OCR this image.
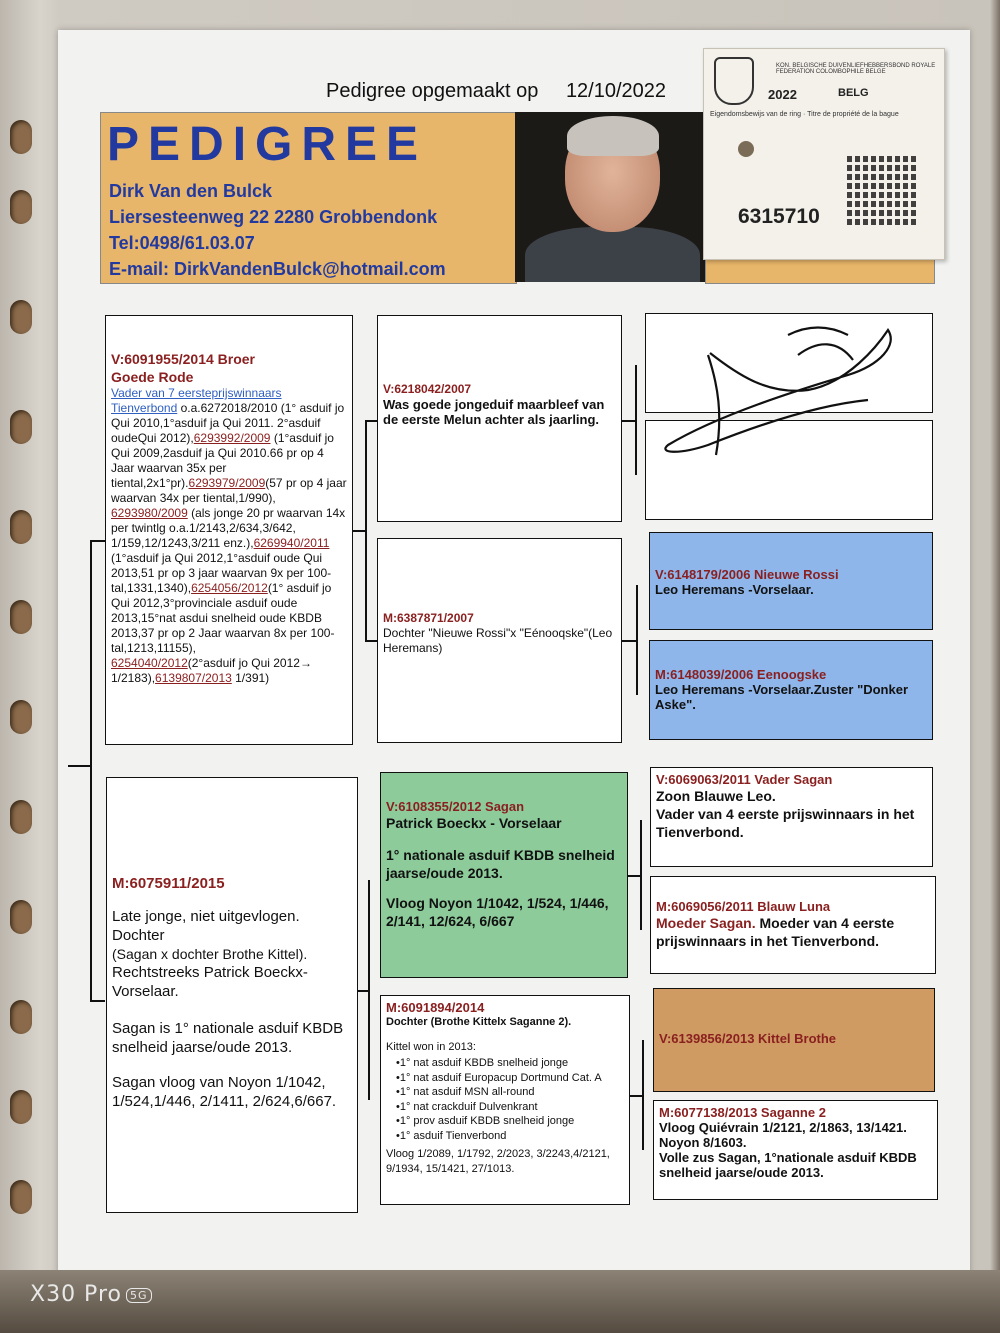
Pedigree opgemaakt op 12/10/2022
PEDIGREE
Dirk Van den Bulck
Liersesteenweg 22 2280 Grobbendonk
Tel:0498/61.03.07
E-mail: DirkVandenBulck@hotmail.com
KON. BELGISCHE DUIVENLIEFHEBBERSBOND ROYALE FEDERATION COLOMBOPHILE BELGE
2022	BELG
Eigendomsbewijs van de ring · Titre de propriété de la bague
6315710
V:6091955/2014 Broer
Goede Rode
Vader van 7 eersteprijswinnaars
Tienverbond o.a.6272018/2010 (1° asduif jo Qui 2010,1°asduif ja Qui 2011. 2°asduif oudeQui 2012),6293992/2009 (1°asduif jo Qui 2009,2asduif ja Qui 2010.66 pr op 4 Jaar waarvan 35x per tiental,2x1°pr).6293979/2009(57 pr op 4 jaar waarvan 34x per tiental,1/990),
6293980/2009 (als jonge 20 pr waarvan 14x per twintlg o.a.1/2143,2/634,3/642, 1/159,12/1243,3/211 enz.),6269940/2011 (1°asduif ja Qui 2012,1°asduif oude Qui 2013,51 pr op 3 jaar waarvan 9x per 100-tal,1331,1340),6254056/2012(1° asduif jo Qui 2012,3°provinciale asduif oude 2013,15°nat asdui snelheid oude KBDB 2013,37 pr op 2 Jaar waarvan 8x per 100-tal,1213,11155),
6254040/2012(2°asduif jo Qui 2012→ 1/2183),6139807/2013 1/391)
V:6218042/2007
Was goede jongeduif maarbleef van de eerste Melun achter als jaarling.
M:6387871/2007
Dochter "Nieuwe Rossi"x "Eénooqske"(Leo Heremans)
V:6148179/2006 Nieuwe Rossi
Leo Heremans -Vorselaar.
M:6148039/2006 Eenoogske
Leo Heremans -Vorselaar.Zuster "Donker Aske".
M:6075911/2015
Late jonge, niet uitgevlogen.
Dochter
(Sagan x dochter Brothe Kittel).
Rechtstreeks Patrick Boeckx-
Vorselaar.
Sagan is 1° nationale asduif KBDB snelheid jaarse/oude 2013.
Sagan vloog van Noyon 1/1042, 1/524,1/446, 2/1411, 2/624,6/667.
V:6108355/2012 Sagan
Patrick Boeckx - Vorselaar
1° nationale asduif KBDB snelheid jaarse/oude 2013.
Vloog Noyon 1/1042, 1/524, 1/446, 2/141, 12/624, 6/667
M:6091894/2014
Dochter (Brothe Kittelx Saganne 2).
Kittel won in 2013:
• 1° nat asduif KBDB snelheid jonge
• 1° nat asduif Europacup Dortmund Cat. A
• 1° nat asduif MSN all-round
• 1° nat crackduif Dulvenkrant
• 1° prov asduif KBDB snelheid jonge
• 1° asduif Tienverbond
Vloog 1/2089, 1/1792, 2/2023, 3/2243,4/2121, 9/1934, 15/1421, 27/1013.
V:6069063/2011 Vader Sagan
Zoon Blauwe Leo.
Vader van 4 eerste prijswinnaars in het Tienverbond.
M:6069056/2011 Blauw Luna
Moeder Sagan. Moeder van 4 eerste prijswinnaars in het Tienverbond.
V:6139856/2013 Kittel Brothe
M:6077138/2013 Saganne 2
Vloog Quiévrain 1/2121, 2/1863, 13/1421.
Noyon 8/1603.
Volle zus Sagan, 1°nationale asduif KBDB snelheid jaarse/oude 2013.
X30 Pro 5G
